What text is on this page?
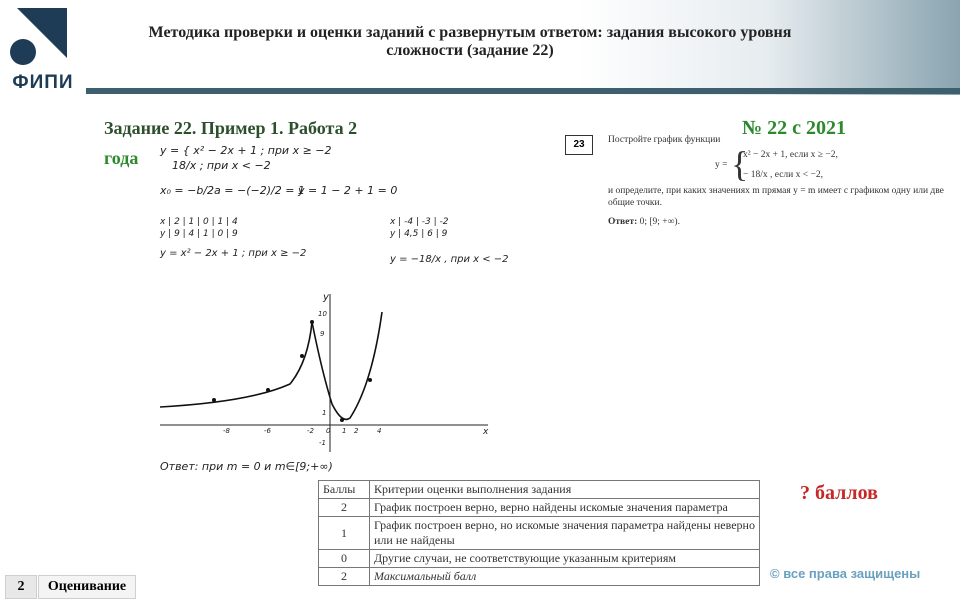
ФИПИ
Методика проверки и оценки заданий с развернутым ответом: задания высокого уровня сложности (задание 22)
Задание 22. Пример 1. Работа 2
года
№ 22 с 2021
y = { x² − 2x + 1 ; при x ≥ −2
18/x ; при x < −2
x₀ = −b/2a = −(−2)/2 = 1
y = 1 − 2 + 1 = 0
x | 2 | 1 | 0 | 1 | 4
y | 9 | 4 | 1 | 0 | 9
x | -4 | -3 | -2
y | 4,5 | 6 | 9
y = x² − 2x + 1 ; при x ≥ −2
y = −18/x , при x < −2
x
y
-8	-6	-2 0 1 2	4
10
9
1
-1
Ответ: при m = 0 и m∈[9;+∞)
23	Постройте график функции
y = {
x² − 2x + 1, если x ≥ −2,
− 18/x , если x < −2,
и определите, при каких значениях m прямая y = m имеет с графиком одну или две общие точки.
Ответ: 0; [9; +∞).
Баллы	Критерии оценки выполнения задания
2	График построен верно, верно найдены искомые значения параметра
1	График построен верно, но искомые значения параметра найдены неверно или не найдены
0	Другие случаи, не соответствующие указанным критериям
2	Максимальный балл
? баллов
© все права защищены
2	Оценивание
